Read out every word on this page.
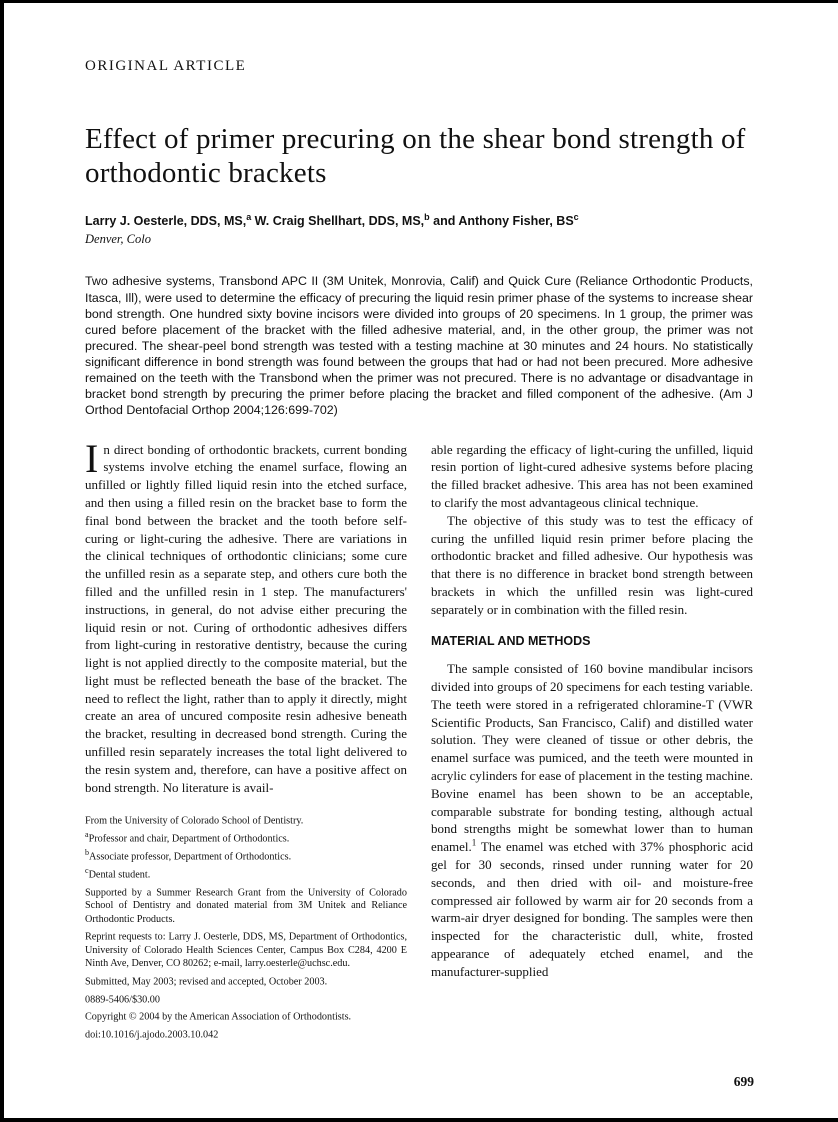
ORIGINAL ARTICLE
Effect of primer precuring on the shear bond strength of orthodontic brackets
Larry J. Oesterle, DDS, MS,$^a$ W. Craig Shellhart, DDS, MS,$^b$ and Anthony Fisher, $BS^c$
Denver, Colo
Two adhesive systems, Transbond APC II (3M Unitek, Monrovia, Calif) and Quick Cure (Reliance Orthodontic Products, Itasca, Ill), were used to determine the efficacy of precuring the liquid resin primer phase of the systems to increase shear bond strength. One hundred sixty bovine incisors were divided into groups of 20 specimens. In 1 group, the primer was cured before placement of the bracket with the filled adhesive material, and, in the other group, the primer was not precured. The shear-peel bond strength was tested with a testing machine at 30 minutes and 24 hours. No statistically significant difference in bond strength was found between the groups that had or had not been precured. More adhesive remained on the teeth with the Transbond when the primer was not precured. There is no advantage or disadvantage in bracket bond strength by precuring the primer before placing the bracket and filled component of the adhesive. (Am J Orthod Dentofacial Orthop 2004;126:699-702)

In direct bonding of orthodontic brackets, current bonding systems involve etching the enamel surface, flowing an unfilled or lightly filled liquid resin into the etched surface, and then using a filled resin on the bracket base to form the final bond between the bracket and the tooth before self-curing or light-curing the adhesive. There are variations in the clinical techniques of orthodontic clinicians; some cure the unfilled resin as a separate step, and others cure both the filled and the unfilled resin in 1 step. The manufacturers' instructions, in general, do not advise either precuring the liquid resin or not. Curing of orthodontic adhesives differs from light-curing in restorative dentistry, because the curing light is not applied directly to the composite material, but the light must be reflected beneath the base of the bracket. The need to reflect the light, rather than to apply it directly, might create an area of uncured composite resin adhesive beneath the bracket, resulting in decreased bond strength. Curing the unfilled resin separately increases the total light delivered to the resin system and, therefore, can have a positive affect on bond strength. No literature is avail-

From the University of Colorado School of Dentistry.

$^a$Professor and chair, Department of Orthodontics.

$^b$Associate professor, Department of Orthodontics.

$^c$Dental student.

Supported by a Summer Research Grant from the University of Colorado School of Dentistry and donated material from 3M Unitek and Reliance Orthodontic Products.

Reprint requests to: Larry J. Oesterle, DDS, MS, Department of Orthodontics, University of Colorado Health Sciences Center, Campus Box C284, 4200 E Ninth Ave, Denver, CO 80262; e-mail, larry.oesterle@uchsc.edu.

Submitted, May 2003; revised and accepted, October 2003.

0889-5406/$30.00

Copyright © 2004 by the American Association of Orthodontists.

doi:10.1016/j.ajodo.2003.10.042

able regarding the efficacy of light-curing the unfilled, liquid resin portion of light-cured adhesive systems before placing the filled bracket adhesive. This area has not been examined to clarify the most advantageous clinical technique.

The objective of this study was to test the efficacy of curing the unfilled liquid resin primer before placing the orthodontic bracket and filled adhesive. Our hypothesis was that there is no difference in bracket bond strength between brackets in which the unfilled resin was light-cured separately or in combination with the filled resin.

MATERIAL AND METHODS

The sample consisted of 160 bovine mandibular incisors divided into groups of 20 specimens for each testing variable. The teeth were stored in a refrigerated chloramine-T (VWR Scientific Products, San Francisco, Calif) and distilled water solution. They were cleaned of tissue or other debris, the enamel surface was pumiced, and the teeth were mounted in acrylic cylinders for ease of placement in the testing machine. Bovine enamel has been shown to be an acceptable, comparable substrate for bonding testing, although actual bond strengths might be somewhat lower than to human enamel.$^1$ The enamel was etched with 37% phosphoric acid gel for 30 seconds, rinsed under running water for 20 seconds, and then dried with oil- and moisture-free compressed air followed by warm air for 20 seconds from a warm-air dryer designed for bonding. The samples were then inspected for the characteristic dull, white, frosted appearance of adequately etched enamel, and the manufacturer-supplied

699
